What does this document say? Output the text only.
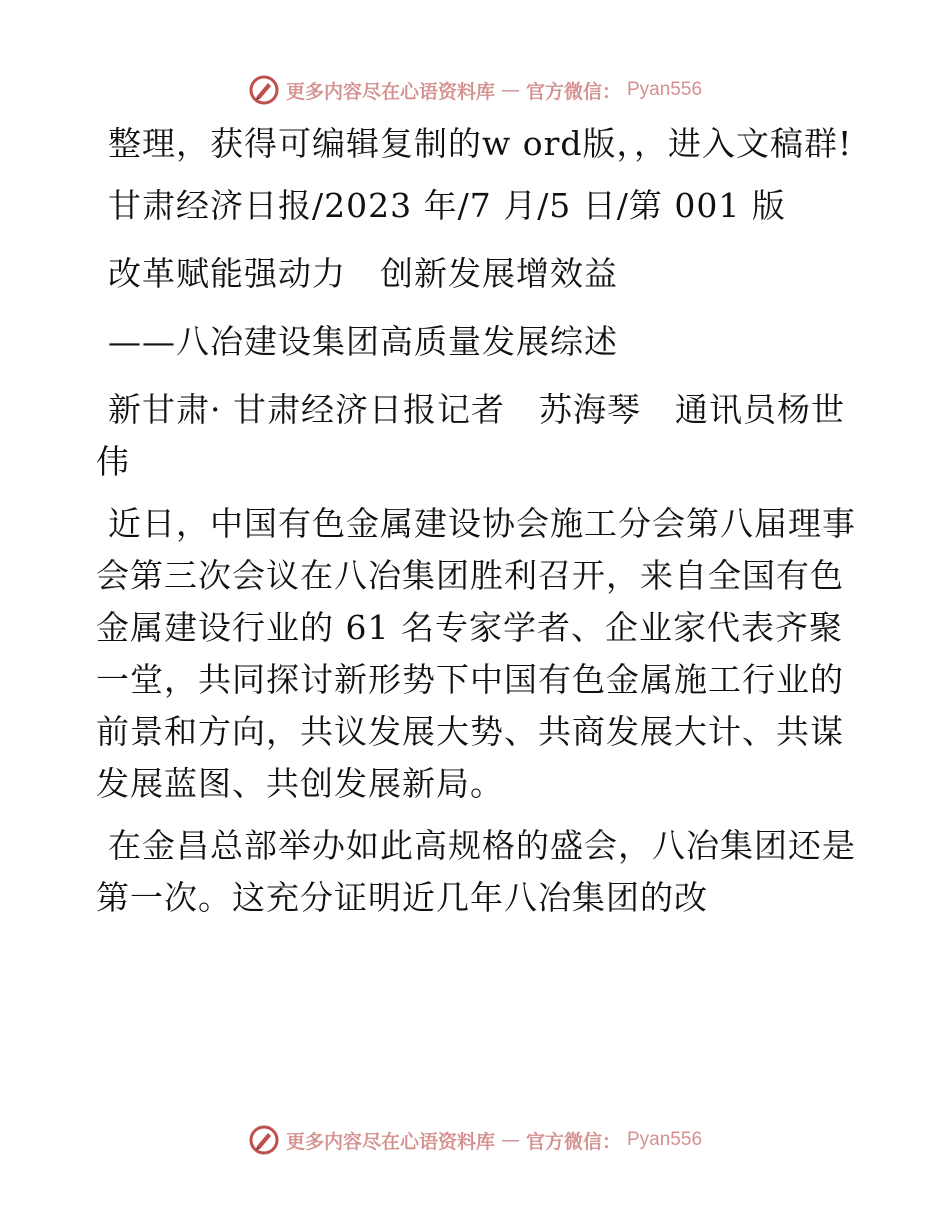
更多内容尽在心语资料库 — 官方微信： Pyan556

整理，获得可编辑复制的w ord版，，进入文稿群!

甘肃经济日报/2023 年/7 月/5 日/第 001 版

改革赋能强动力　创新发展增效益

——八冶建设集团高质量发展综述

新甘肃· 甘肃经济日报记者　苏海琴　通讯员杨世伟

近日，中国有色金属建设协会施工分会第八届理事会第三次会议在八冶集团胜利召开，来自全国有色金属建设行业的 61 名专家学者、企业家代表齐聚一堂，共同探讨新形势下中国有色金属施工行业的前景和方向，共议发展大势、共商发展大计、共谋发展蓝图、共创发展新局。

在金昌总部举办如此高规格的盛会，八冶集团还是第一次。这充分证明近几年八冶集团的改

更多内容尽在心语资料库 — 官方微信： Pyan556
